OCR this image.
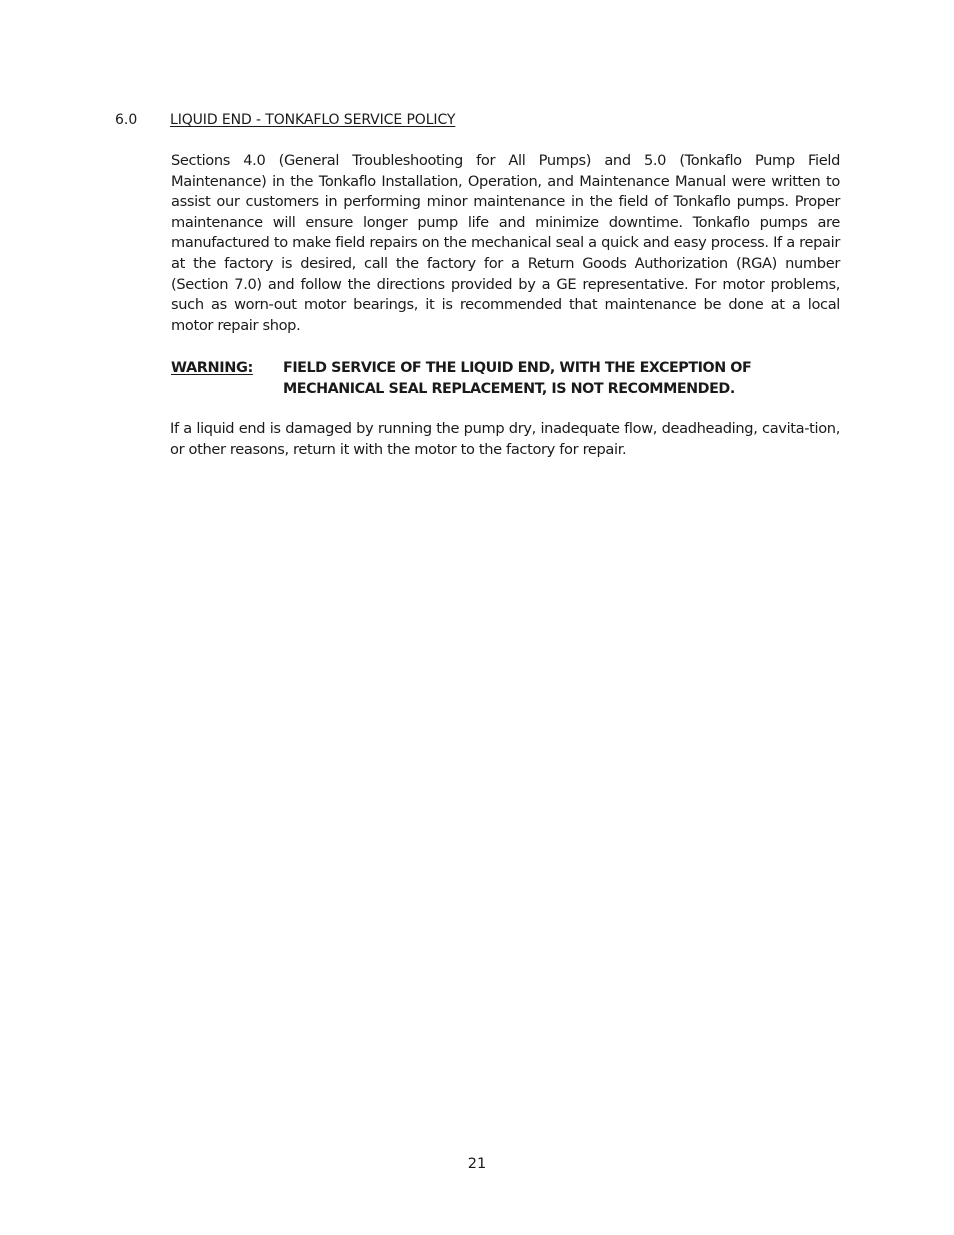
6.0 LIQUID END - TONKAFLO SERVICE POLICY

Sections 4.0 (General Troubleshooting for All Pumps) and 5.0 (Tonkaflo Pump Field Maintenance) in the Tonkaflo Installation, Operation, and Maintenance Manual were written to assist our customers in performing minor maintenance in the field of Tonkaflo pumps. Proper maintenance will ensure longer pump life and minimize downtime. Tonkaflo pumps are manufactured to make field repairs on the mechanical seal a quick and easy process. If a repair at the factory is desired, call the factory for a Return Goods Authorization (RGA) number (Section 7.0) and follow the directions provided by a GE representative. For motor problems, such as worn-out motor bearings, it is recommended that maintenance be done at a local motor repair shop.

WARNING: FIELD SERVICE OF THE LIQUID END, WITH THE EXCEPTION OF MECHANICAL SEAL REPLACEMENT, IS NOT RECOMMENDED.

If a liquid end is damaged by running the pump dry, inadequate flow, deadheading, cavita-tion, or other reasons, return it with the motor to the factory for repair.

21
